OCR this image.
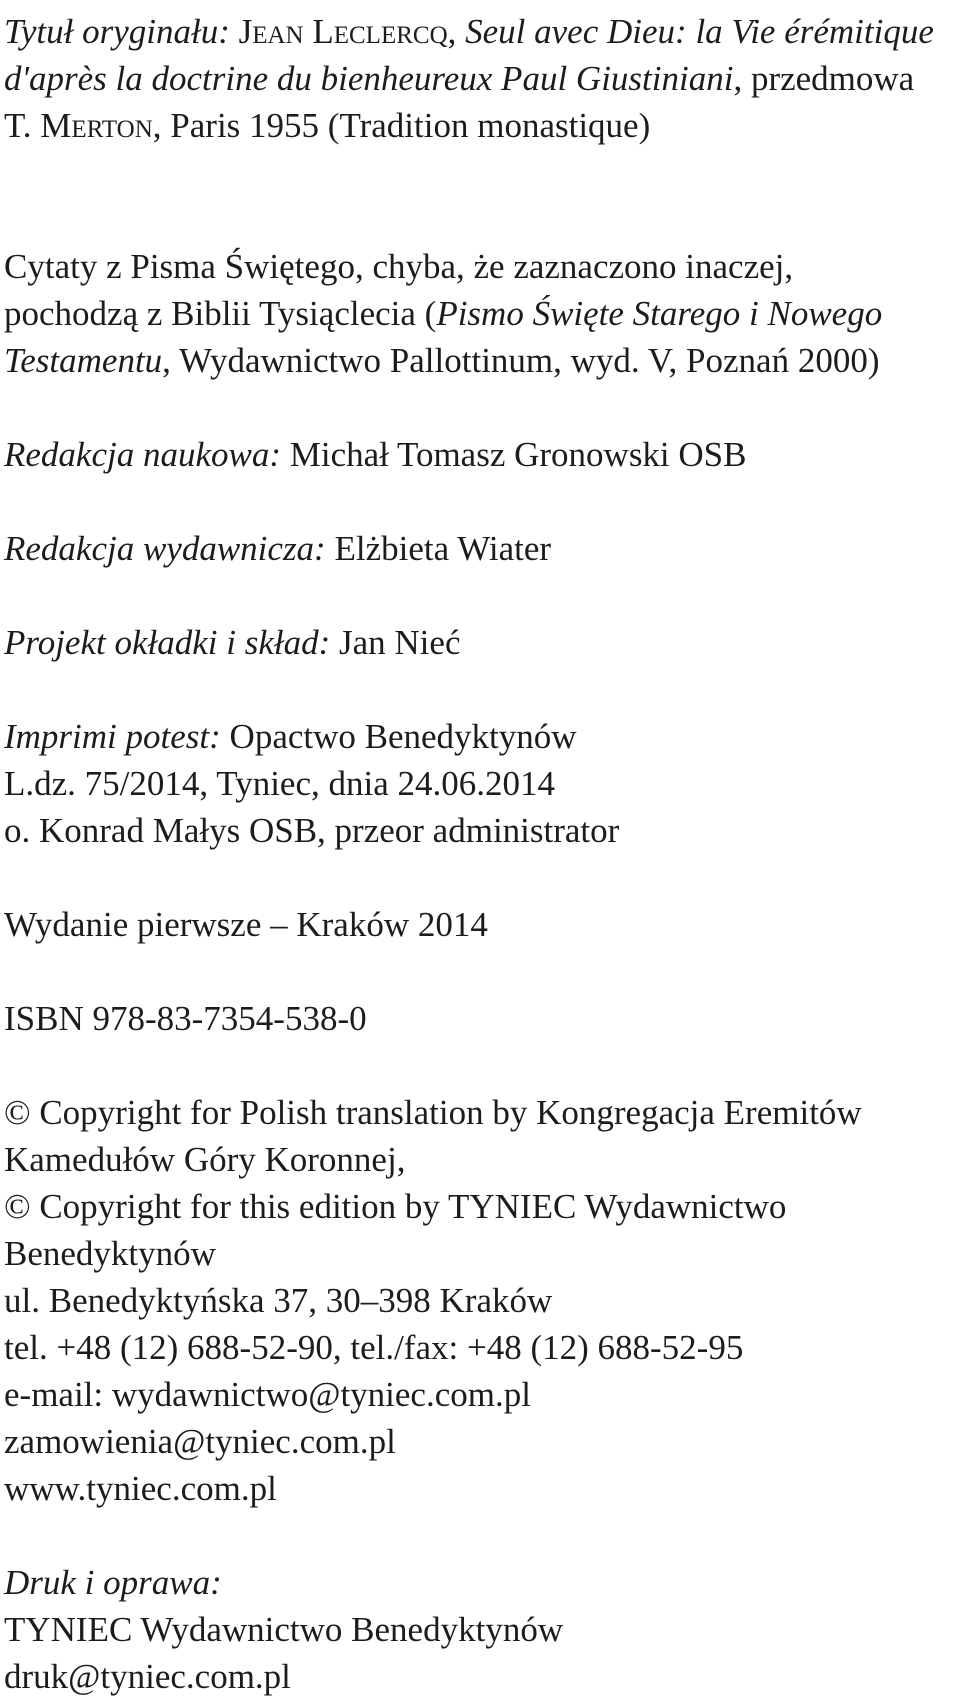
Tytuł oryginału: Jean Leclercq, Seul avec Dieu: la Vie érémitique
d'après la doctrine du bienheureux Paul Giustiniani, przedmowa
T. Merton, Paris 1955 (Tradition monastique)
Cytaty z Pisma Świętego, chyba, że zaznaczono inaczej,
pochodzą z Biblii Tysiąclecia (Pismo Święte Starego i Nowego
Testamentu, Wydawnictwo Pallottinum, wyd. V, Poznań 2000)
Redakcja naukowa: Michał Tomasz Gronowski OSB
Redakcja wydawnicza: Elżbieta Wiater
Projekt okładki i skład: Jan Nieć
Imprimi potest: Opactwo Benedyktynów
L.dz. 75/2014, Tyniec, dnia 24.06.2014
o. Konrad Małys OSB, przeor administrator
Wydanie pierwsze – Kraków 2014
ISBN 978-83-7354-538-0
© Copyright for Polish translation by Kongregacja Eremitów
Kamedułów Góry Koronnej,
© Copyright for this edition by TYNIEC Wydawnictwo
Benedyktynów
ul. Benedyktyńska 37, 30–398 Kraków
tel. +48 (12) 688-52-90, tel./fax: +48 (12) 688-52-95
e-mail: wydawnictwo@tyniec.com.pl
zamowienia@tyniec.com.pl
www.tyniec.com.pl
Druk i oprawa:
TYNIEC Wydawnictwo Benedyktynów
druk@tyniec.com.pl
